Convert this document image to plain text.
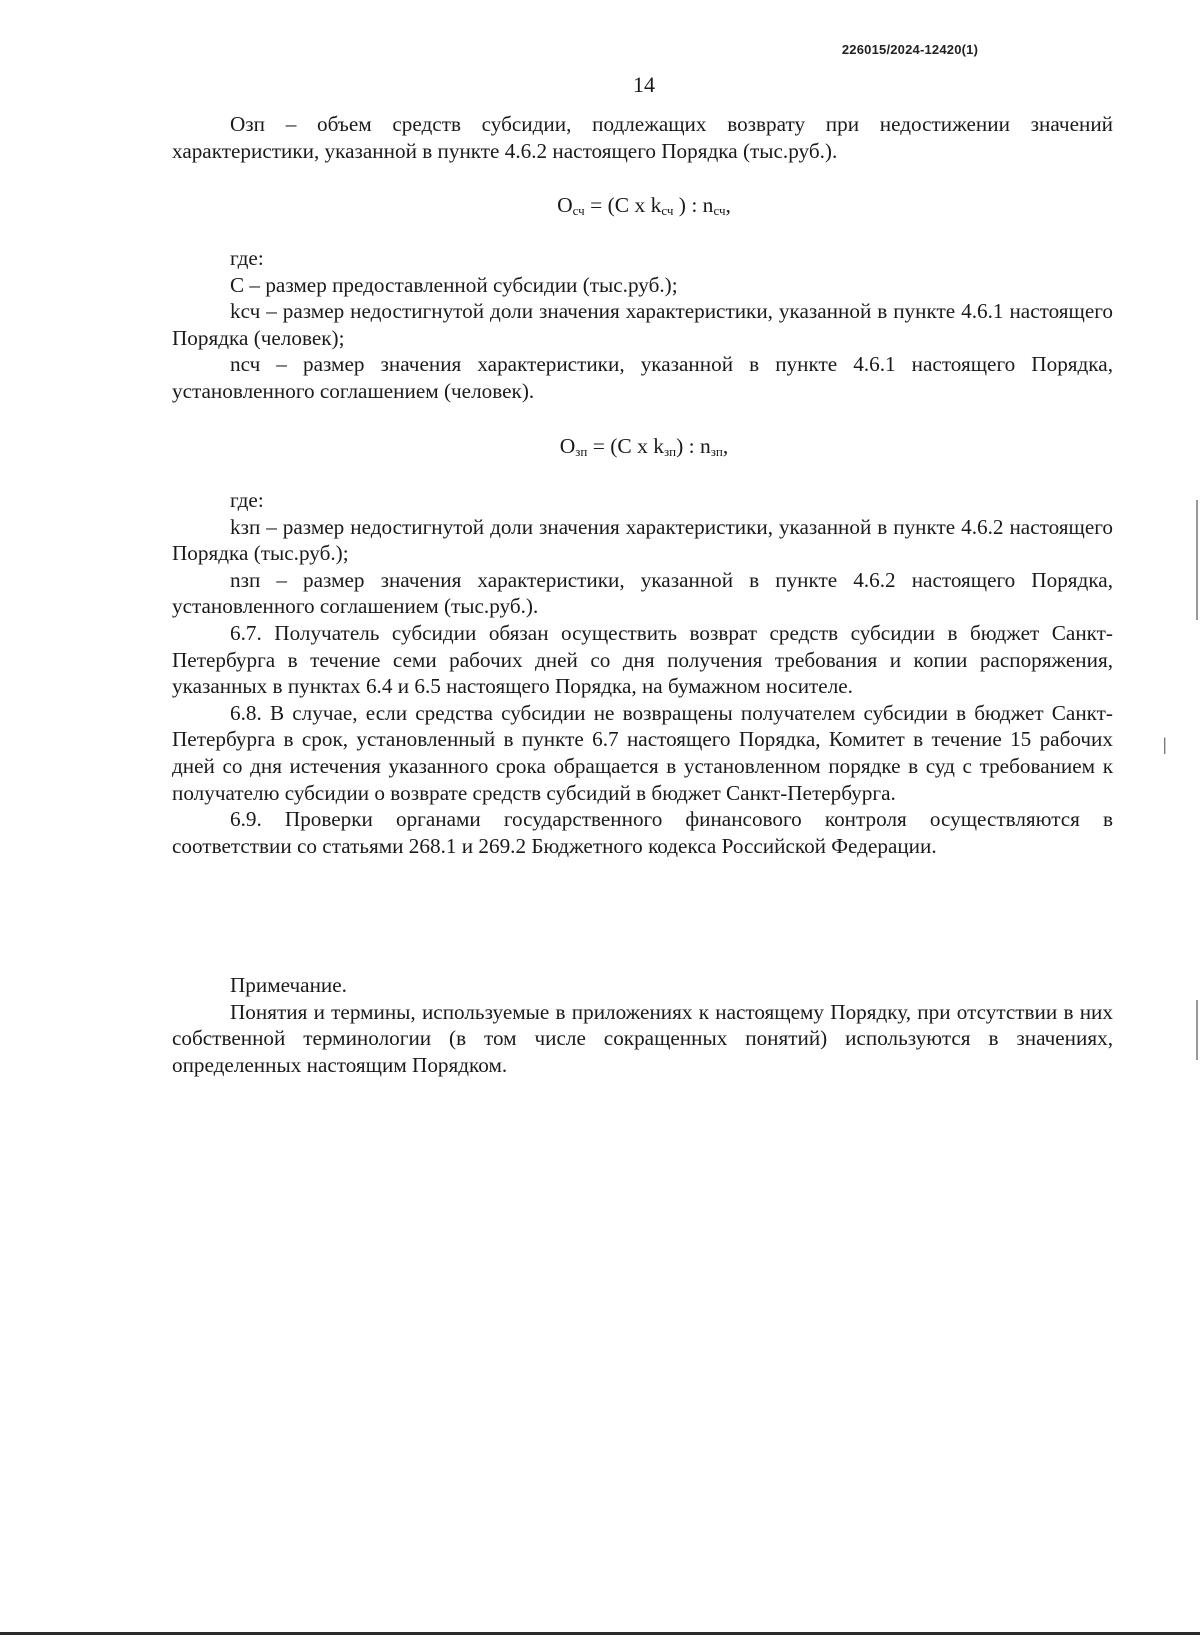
226015/2024-12420(1)
14

Озп – объем средств субсидии, подлежащих возврату при недостижении значений характеристики, указанной в пункте 4.6.2 настоящего Порядка (тыс.руб.).

Осч = (С х kсч ) : nсч,

где:

С – размер предоставленной субсидии (тыс.руб.);

kсч – размер недостигнутой доли значения характеристики, указанной в пункте 4.6.1 настоящего Порядка (человек);

nсч – размер значения характеристики, указанной в пункте 4.6.1 настоящего Порядка, установленного соглашением (человек).

Озп = (С х kзп) : nзп,

где:

kзп – размер недостигнутой доли значения характеристики, указанной в пункте 4.6.2 настоящего Порядка (тыс.руб.);

nзп – размер значения характеристики, указанной в пункте 4.6.2 настоящего Порядка, установленного соглашением (тыс.руб.).

6.7. Получатель субсидии обязан осуществить возврат средств субсидии в бюджет Санкт-Петербурга в течение семи рабочих дней со дня получения требования и копии распоряжения, указанных в пунктах 6.4 и 6.5 настоящего Порядка, на бумажном носителе.

6.8. В случае, если средства субсидии не возвращены получателем субсидии в бюджет Санкт-Петербурга в срок, установленный в пункте 6.7 настоящего Порядка, Комитет в течение 15 рабочих дней со дня истечения указанного срока обращается в установленном порядке в суд с требованием к получателю субсидии о возврате средств субсидий в бюджет Санкт-Петербурга.

6.9. Проверки органами государственного финансового контроля осуществляются в соответствии со статьями 268.1 и 269.2 Бюджетного кодекса Российской Федерации.

Примечание.

Понятия и термины, используемые в приложениях к настоящему Порядку, при отсутствии в них собственной терминологии (в том числе сокращенных понятий) используются в значениях, определенных настоящим Порядком.

|
